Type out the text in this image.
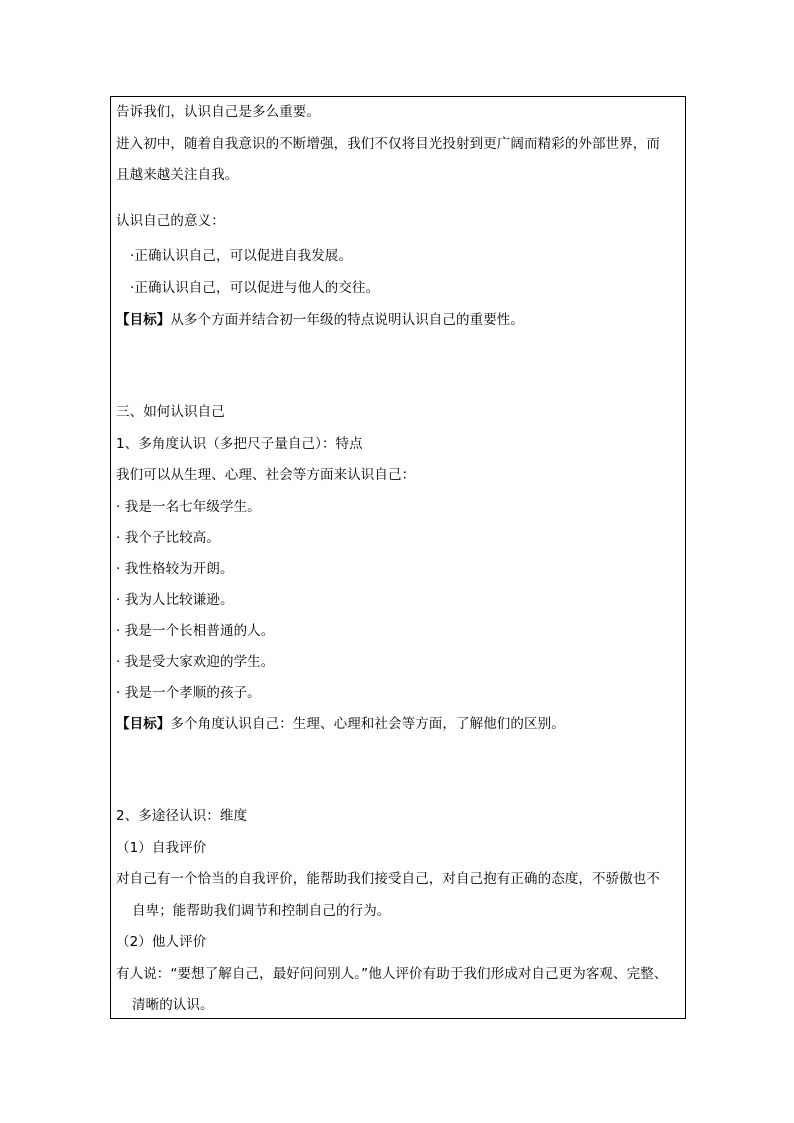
告诉我们，认识自己是多么重要。
进入初中，随着自我意识的不断增强，我们不仅将目光投射到更广阔而精彩的外部世界，而
且越来越关注自我。
认识自己的意义：
·正确认识自己，可以促进自我发展。
·正确认识自己，可以促进与他人的交往。
【目标】从多个方面并结合初一年级的特点说明认识自己的重要性。
三、如何认识自己
1、多角度认识（多把尺子量自己）：特点
我们可以从生理、心理、社会等方面来认识自己：
· 我是一名七年级学生。
· 我个子比较高。
· 我性格较为开朗。
· 我为人比较谦逊。
· 我是一个长相普通的人。
· 我是受大家欢迎的学生。
· 我是一个孝顺的孩子。
【目标】多个角度认识自己：生理、心理和社会等方面，了解他们的区别。
2、多途径认识：维度
（1）自我评价
对自己有一个恰当的自我评价，能帮助我们接受自己，对自己抱有正确的态度，不骄傲也不
自卑；能帮助我们调节和控制自己的行为。
（2）他人评价
有人说：“要想了解自己，最好问问别人。”他人评价有助于我们形成对自己更为客观、完整、
清晰的认识。
